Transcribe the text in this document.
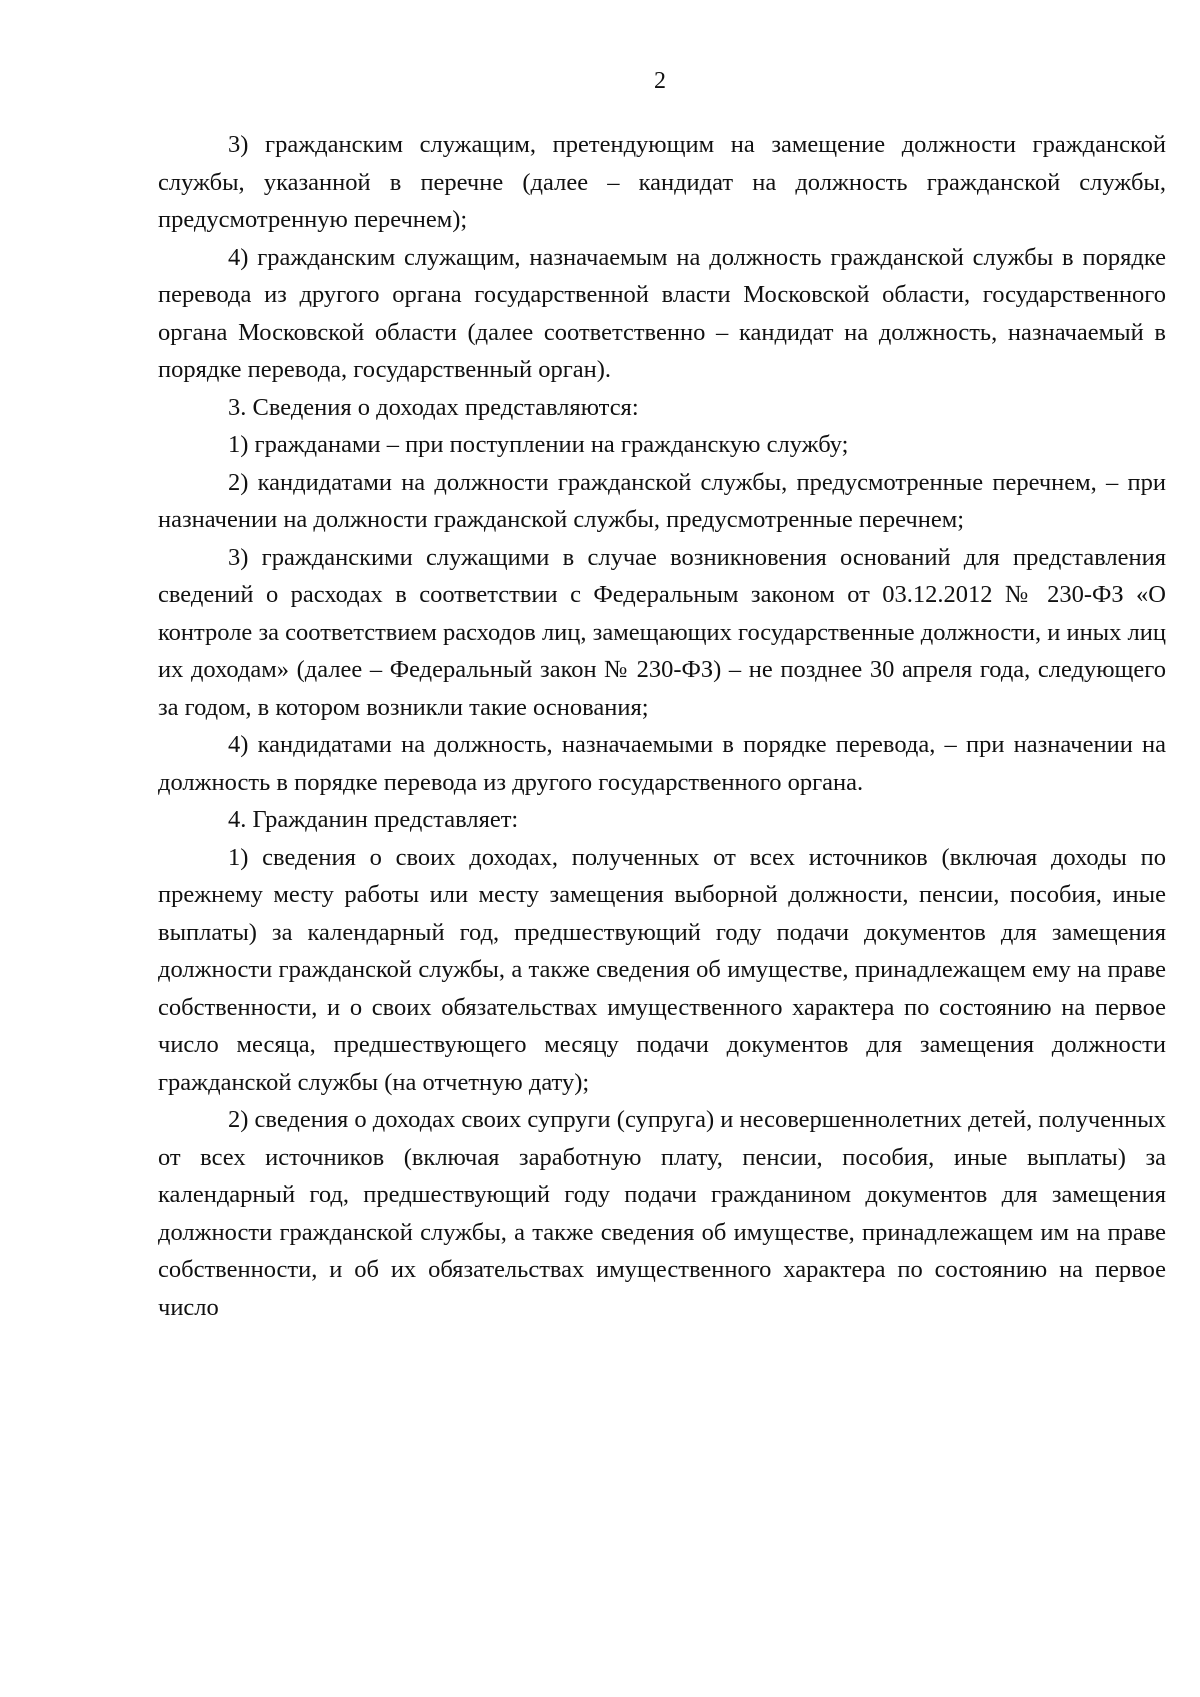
2

3) гражданским служащим, претендующим на замещение должности гражданской службы, указанной в перечне (далее – кандидат на должность гражданской службы, предусмотренную перечнем);

4) гражданским служащим, назначаемым на должность гражданской службы в порядке перевода из другого органа государственной власти Московской области, государственного органа Московской области (далее соответственно – кандидат на должность, назначаемый в порядке перевода, государственный орган).

3. Сведения о доходах представляются:

1) гражданами – при поступлении на гражданскую службу;

2) кандидатами на должности гражданской службы, предусмотренные перечнем, – при назначении на должности гражданской службы, предусмотренные перечнем;

3) гражданскими служащими в случае возникновения оснований для представления сведений о расходах в соответствии с Федеральным законом от 03.12.2012 № 230-ФЗ «О контроле за соответствием расходов лиц, замещающих государственные должности, и иных лиц их доходам» (далее – Федеральный закон № 230-ФЗ) – не позднее 30 апреля года, следующего за годом, в котором возникли такие основания;

4) кандидатами на должность, назначаемыми в порядке перевода, – при назначении на должность в порядке перевода из другого государственного органа.

4. Гражданин представляет:

1) сведения о своих доходах, полученных от всех источников (включая доходы по прежнему месту работы или месту замещения выборной должности, пенсии, пособия, иные выплаты) за календарный год, предшествующий году подачи документов для замещения должности гражданской службы, а также сведения об имуществе, принадлежащем ему на праве собственности, и о своих обязательствах имущественного характера по состоянию на первое число месяца, предшествующего месяцу подачи документов для замещения должности гражданской службы (на отчетную дату);

2) сведения о доходах своих супруги (супруга) и несовершеннолетних детей, полученных от всех источников (включая заработную плату, пенсии, пособия, иные выплаты) за календарный год, предшествующий году подачи гражданином документов для замещения должности гражданской службы, а также сведения об имуществе, принадлежащем им на праве собственности, и об их обязательствах имущественного характера по состоянию на первое число
